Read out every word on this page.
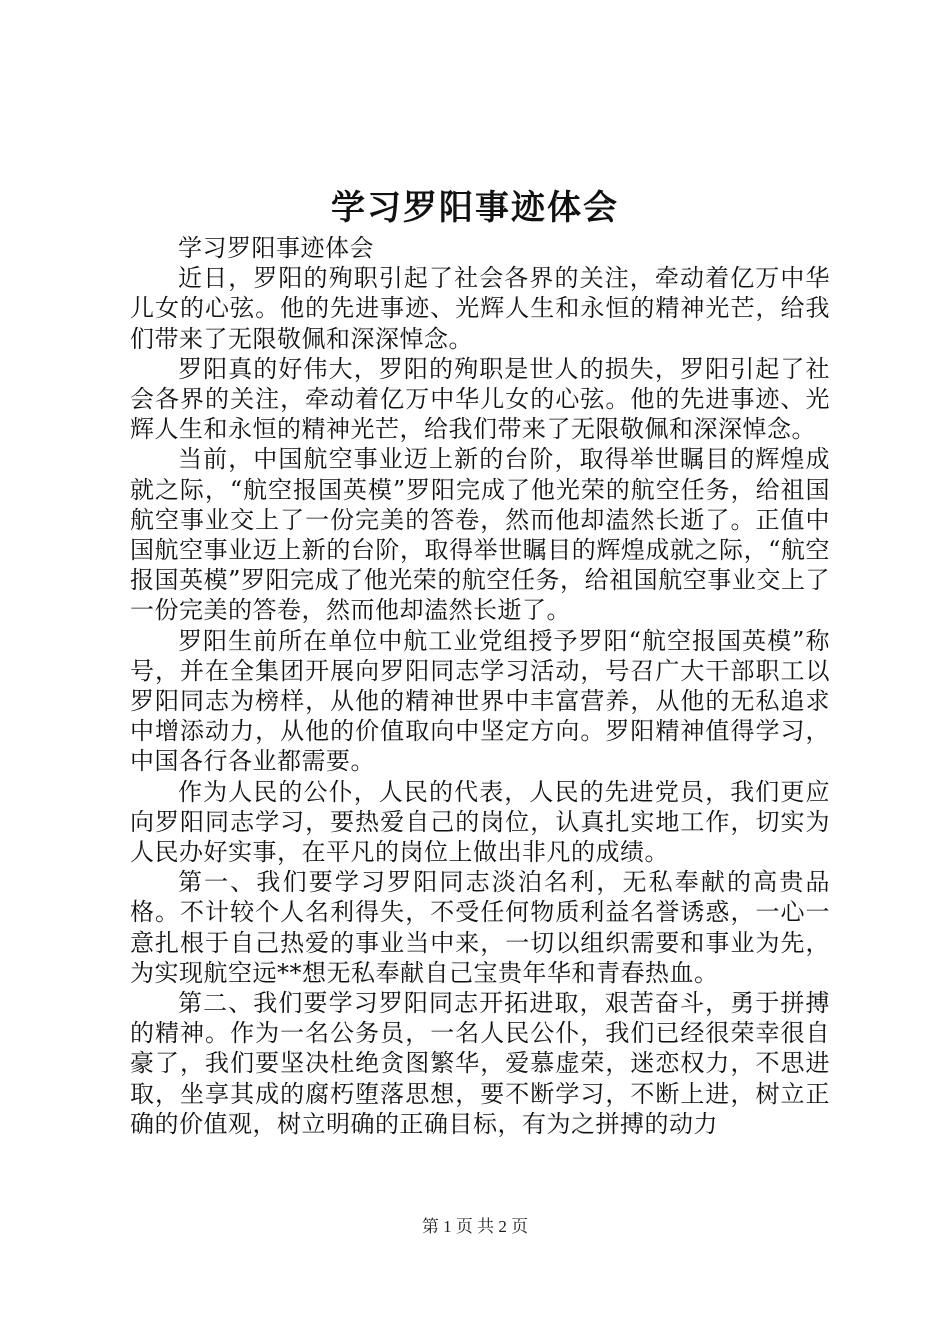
学习罗阳事迹体会

学习罗阳事迹体会

近日，罗阳的殉职引起了社会各界的关注，牵动着亿万中华儿女的心弦。他的先进事迹、光辉人生和永恒的精神光芒，给我们带来了无限敬佩和深深悼念。

罗阳真的好伟大，罗阳的殉职是世人的损失，罗阳引起了社会各界的关注，牵动着亿万中华儿女的心弦。他的先进事迹、光辉人生和永恒的精神光芒，给我们带来了无限敬佩和深深悼念。

当前，中国航空事业迈上新的台阶，取得举世瞩目的辉煌成就之际，“航空报国英模”罗阳完成了他光荣的航空任务，给祖国航空事业交上了一份完美的答卷，然而他却溘然长逝了。正值中国航空事业迈上新的台阶，取得举世瞩目的辉煌成就之际，“航空报国英模”罗阳完成了他光荣的航空任务，给祖国航空事业交上了一份完美的答卷，然而他却溘然长逝了。

罗阳生前所在单位中航工业党组授予罗阳“航空报国英模”称号，并在全集团开展向罗阳同志学习活动，号召广大干部职工以罗阳同志为榜样，从他的精神世界中丰富营养，从他的无私追求中增添动力，从他的价值取向中坚定方向。罗阳精神值得学习，中国各行各业都需要。

作为人民的公仆，人民的代表，人民的先进党员，我们更应向罗阳同志学习，要热爱自己的岗位，认真扎实地工作，切实为人民办好实事，在平凡的岗位上做出非凡的成绩。

第一、我们要学习罗阳同志淡泊名利，无私奉献的高贵品格。不计较个人名利得失，不受任何物质利益名誉诱惑，一心一意扎根于自己热爱的事业当中来，一切以组织需要和事业为先，为实现航空远**想无私奉献自己宝贵年华和青春热血。

第二、我们要学习罗阳同志开拓进取，艰苦奋斗，勇于拼搏的精神。作为一名公务员，一名人民公仆，我们已经很荣幸很自豪了，我们要坚决杜绝贪图繁华，爱慕虚荣，迷恋权力，不思进取，坐享其成的腐朽堕落思想，要不断学习，不断上进，树立正确的价值观，树立明确的正确目标，有为之拼搏的动力

第 1 页 共 2 页
